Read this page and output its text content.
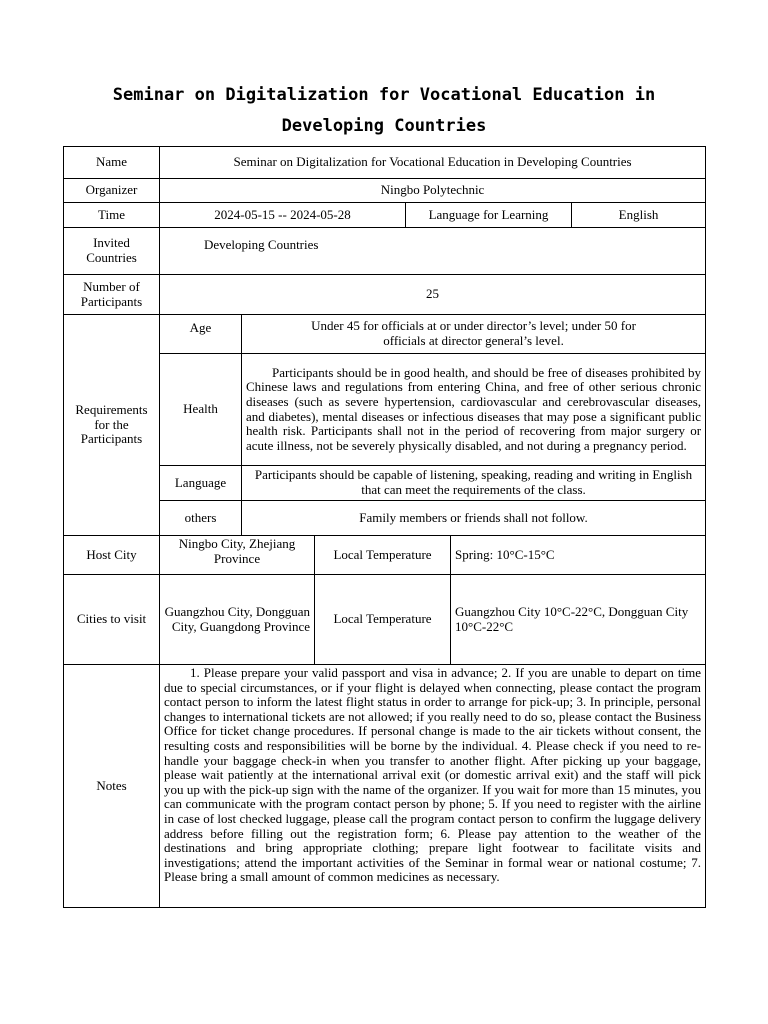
Seminar on Digitalization for Vocational Education in Developing Countries
Name	Seminar on Digitalization for Vocational Education in Developing Countries					
Organizer	Ningbo Polytechnic					
Time	2024-05-15 -- 2024-05-28			Language for Learning		English
Invited Countries	Developing Countries					
Number of Participants	25					
Requirements for the Participants	Age	Under 45 for officials at or under director’s level; under 50 for officials at director general’s level.				
	Health	Participants should be in good health, and should be free of diseases prohibited by Chinese laws and regulations from entering China, and free of other serious chronic diseases (such as severe hypertension, cardiovascular and cerebrovascular diseases, and diabetes), mental diseases or infectious diseases that may pose a significant public health risk. Participants shall not in the period of recovering from major surgery or acute illness, not be severely physically disabled, and not during a pregnancy period.				
	Language	Participants should be capable of listening, speaking, reading and writing in English that can meet the requirements of the class.				
	others	Family members or friends shall not follow.				
Host City	Ningbo City, Zhejiang Province		Local Temperature		Spring: 10°C-15°C	
Cities to visit	Guangzhou City, Dongguan City, Guangdong Province		Local Temperature		Guangzhou City 10°C-22°C, Dongguan City 10°C-22°C	
Notes	1. Please prepare your valid passport and visa in advance; 2. If you are unable to depart on time due to special circumstances, or if your flight is delayed when connecting, please contact the program contact person to inform the latest flight status in order to arrange for pick-up; 3. In principle, personal changes to international tickets are not allowed; if you really need to do so, please contact the Business Office for ticket change procedures. If personal change is made to the air tickets without consent, the resulting costs and responsibilities will be borne by the individual. 4. Please check if you need to re-handle your baggage check-in when you transfer to another flight. After picking up your baggage, please wait patiently at the international arrival exit (or domestic arrival exit) and the staff will pick you up with the pick-up sign with the name of the organizer. If you wait for more than 15 minutes, you can communicate with the program contact person by phone; 5. If you need to register with the airline in case of lost checked luggage, please call the program contact person to confirm the luggage delivery address before filling out the registration form; 6. Please pay attention to the weather of the destinations and bring appropriate clothing; prepare light footwear to facilitate visits and investigations; attend the important activities of the Seminar in formal wear or national costume; 7. Please bring a small amount of common medicines as necessary.					
